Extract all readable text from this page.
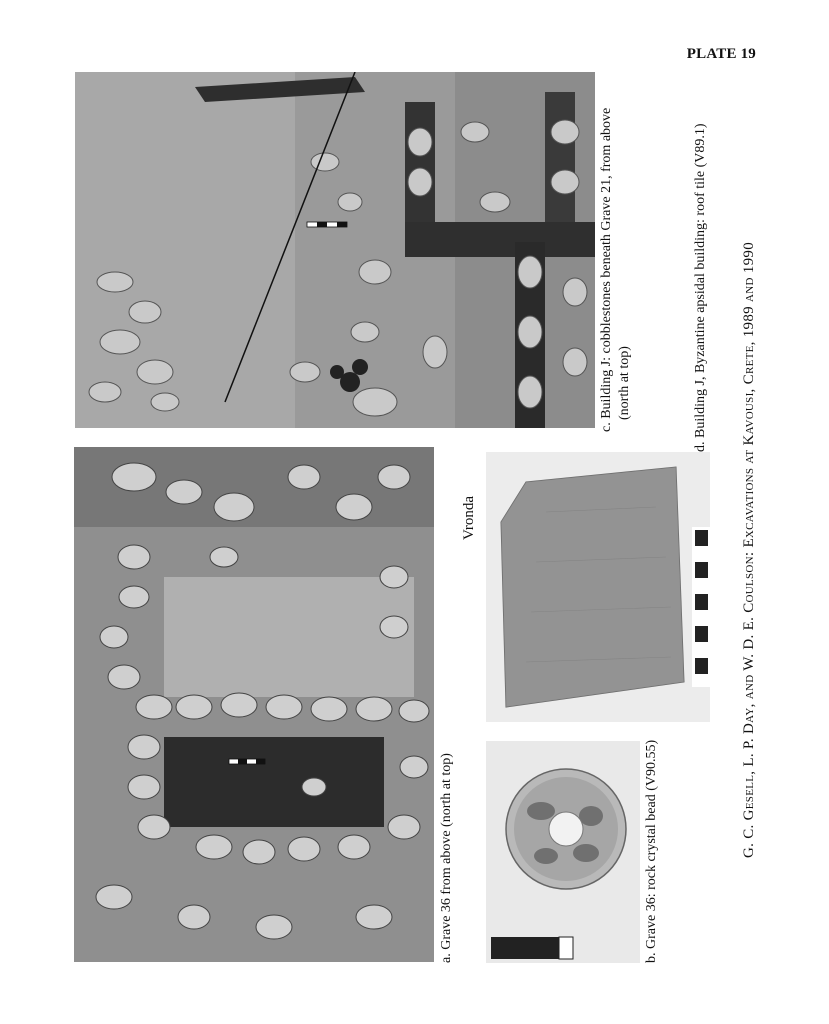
PLATE 19
c. Building J: cobblestones beneath Grave 21, from above (north at top)	d. Building J, Byzantine apsidal building: roof tile (V89.1)
a. Grave 36 from above (north at top)	b. Grave 36: rock crystal bead (V90.55)
Vronda	G. C. Gesell, L. P. Day, and W. D. E. Coulson: Excavations at Kavousi, Crete, 1989 and 1990
